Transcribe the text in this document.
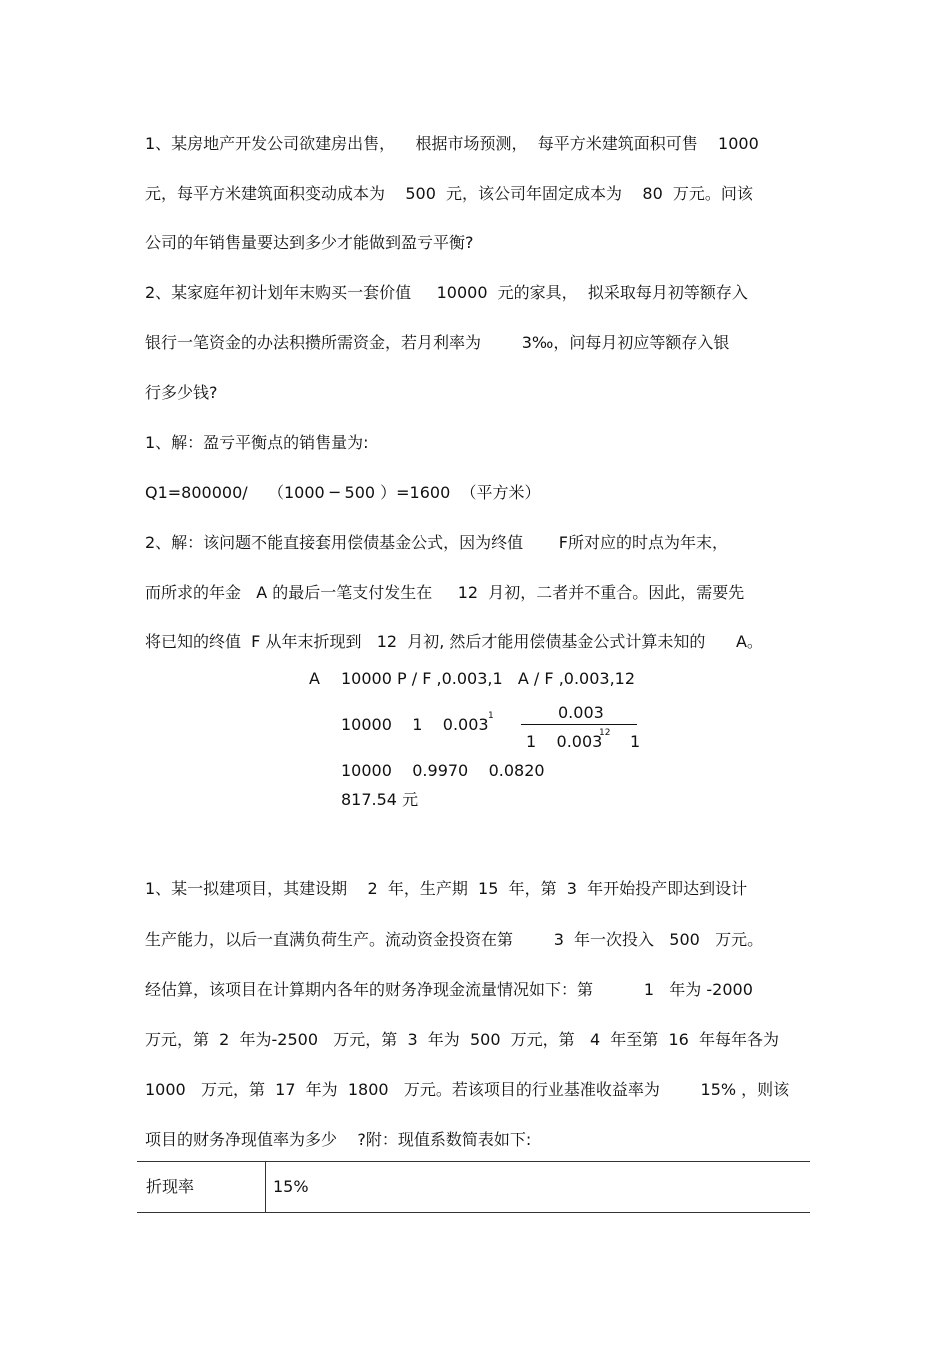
1、某房地产开发公司欲建房出售，    根据市场预测，  每平方米建筑面积可售    1000
元，每平方米建筑面积变动成本为    500  元，该公司年固定成本为    80  万元。问该
公司的年销售量要达到多少才能做到盈亏平衡?
2、某家庭年初计划年末购买一套价值     10000  元的家具，  拟采取每月初等额存入
银行一笔资金的办法积攒所需资金，若月利率为        3‰，问每月初应等额存入银
行多少钱?
1、解：盈亏平衡点的销售量为:
Q1=800000/    （1000 ─ 500 ）=1600  （平方米）
2、解：该问题不能直接套用偿债基金公式，因为终值       F所对应的时点为年末，
而所求的年金   A 的最后一笔支付发生在     12  月初，二者并不重合。因此，需要先
将已知的终值  F 从年末折现到   12  月初, 然后才能用偿债基金公式计算未知的      A。
A 10000 P / F ,0.003,1   A / F ,0.003,12
10000    1    0.003 1	0.003
1    0.003
12 1
10000    0.9970    0.0820
817.54 元
1、某一拟建项目，其建设期    2  年，生产期  15  年，第  3  年开始投产即达到设计
生产能力，以后一直满负荷生产。流动资金投资在第        3  年一次投入   500   万元。
经估算，该项目在计算期内各年的财务净现金流量情况如下：第          1   年为 -2000
万元，第  2  年为-2500   万元，第  3  年为  500  万元，第   4  年至第  16  年每年各为
1000   万元，第  17  年为  1800   万元。若该项目的行业基准收益率为        15% ，则该
项目的财务净现值率为多少    ?附：现值系数简表如下:
折现率	15%
